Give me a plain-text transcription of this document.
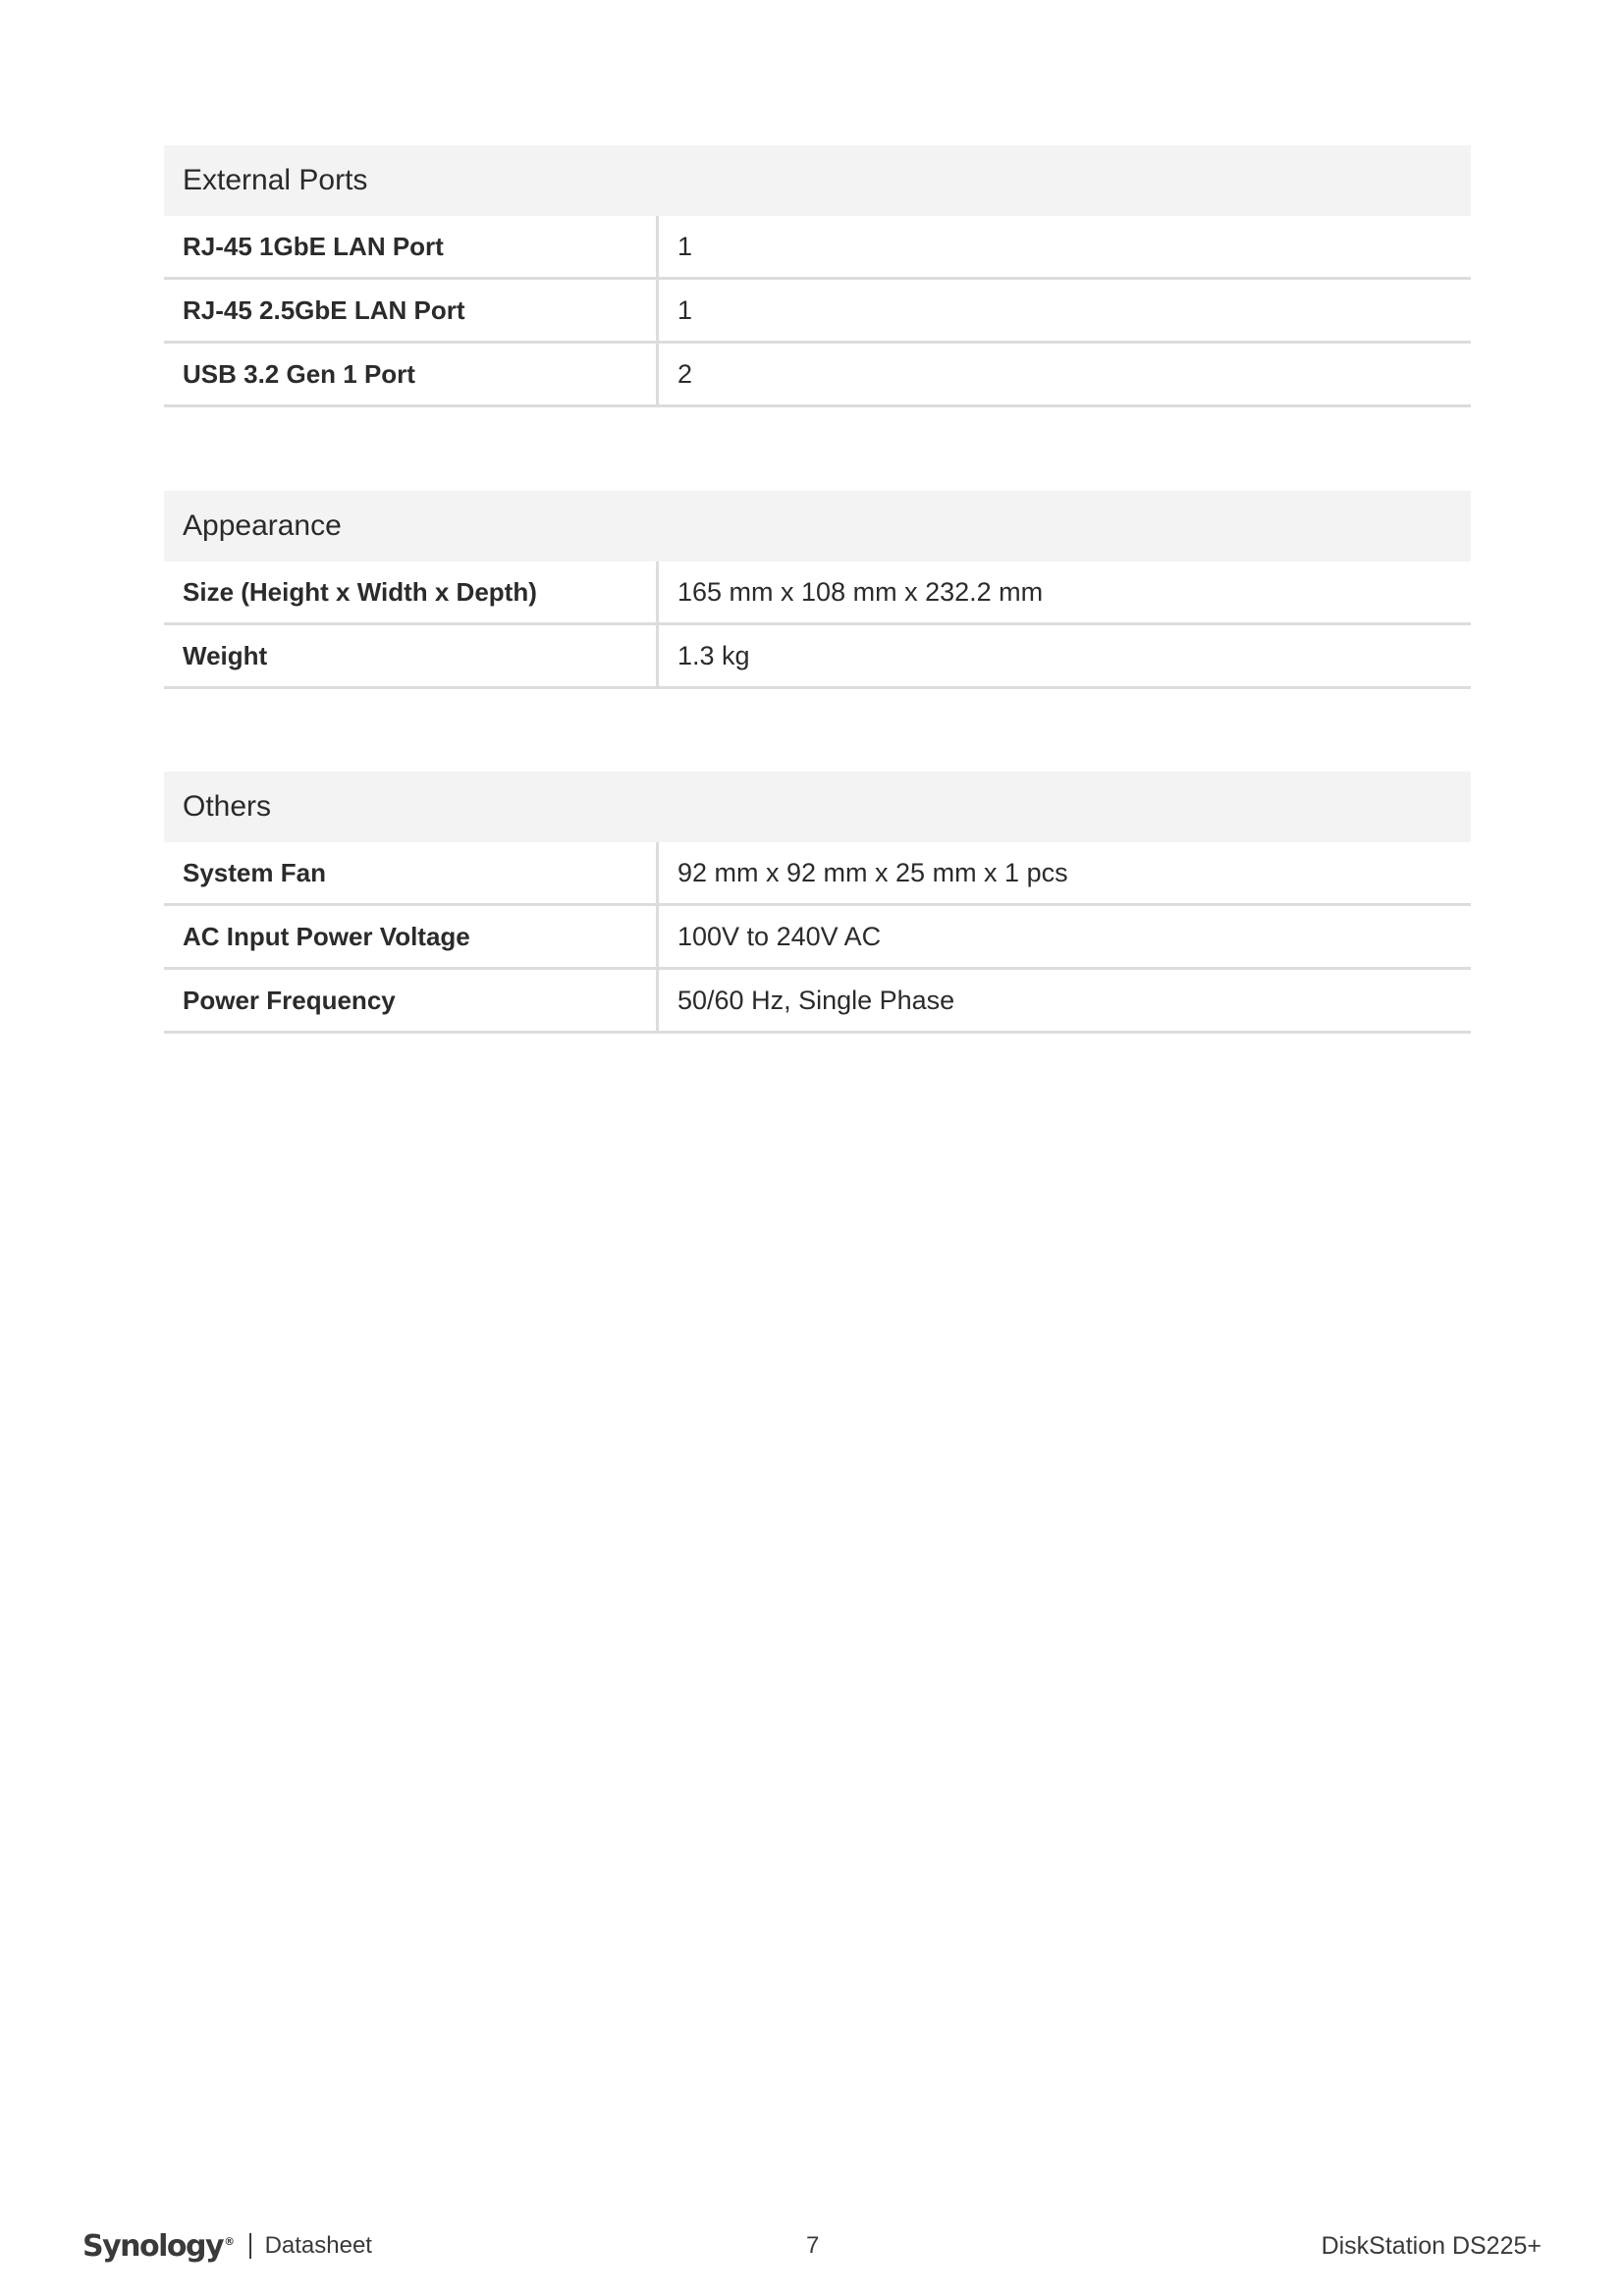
External Ports
RJ-45 1GbE LAN Port	1
RJ-45 2.5GbE LAN Port	1
USB 3.2 Gen 1 Port	2
Appearance
Size (Height x Width x Depth)	165 mm x 108 mm x 232.2 mm
Weight	1.3 kg
Others
System Fan	92 mm x 92 mm x 25 mm x 1 pcs
AC Input Power Voltage	100V to 240V AC
Power Frequency	50/60 Hz, Single Phase
Synology® Datasheet	7	DiskStation DS225+
